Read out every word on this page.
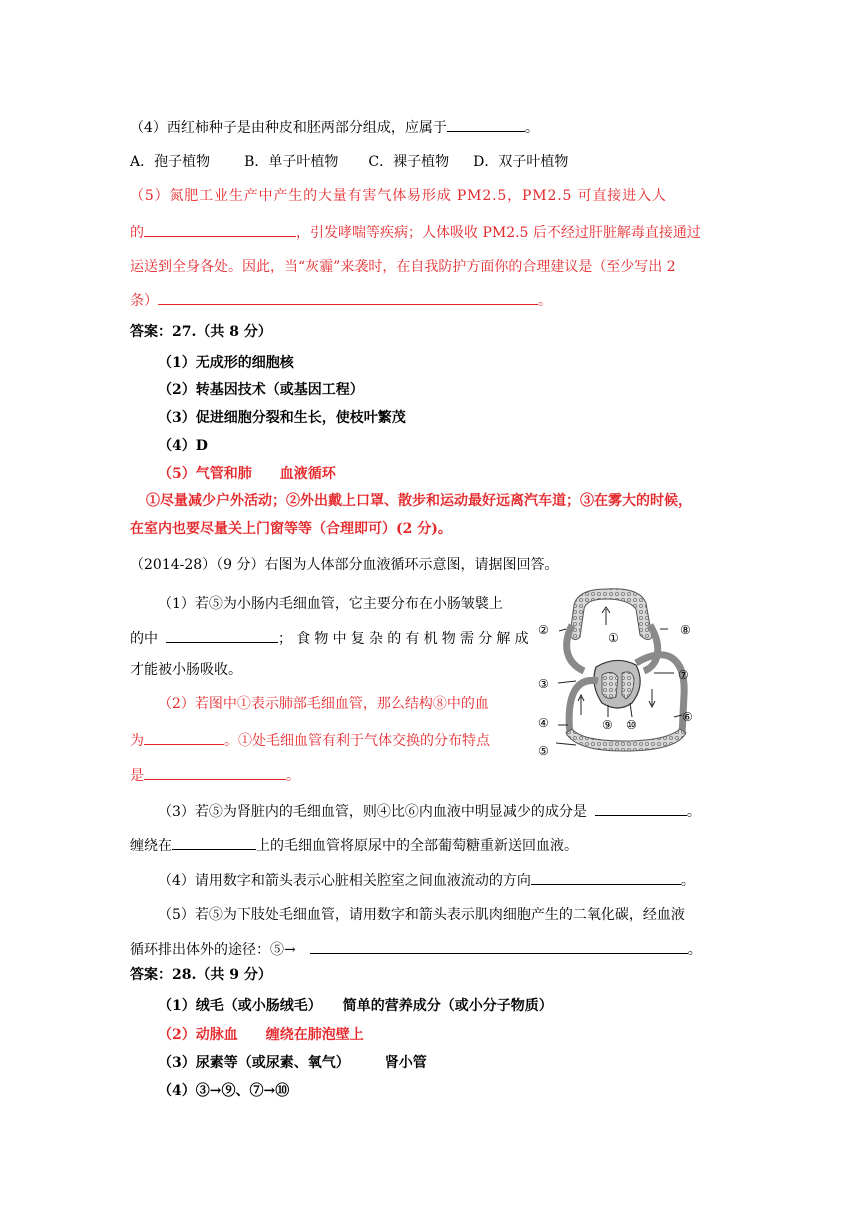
（4）西红柿种子是由种皮和胚两部分组成，应属于	。
A．孢子植物 B．单子叶植物 C．裸子植物 D．双子叶植物
（5）氮肥工业生产中产生的大量有害气体易形成 PM2.5，PM2.5 可直接进入人
的	，引发哮喘等疾病；人体吸收 PM2.5 后不经过肝脏解毒直接通过
运送到全身各处。因此，当“灰霾”来袭时，在自我防护方面你的合理建议是（至少写出 2
条）	。
答案：27.（共 8 分）
（1）无成形的细胞核
（2）转基因技术（或基因工程）
（3）促进细胞分裂和生长，使枝叶繁茂
（4）D
（5）气管和肺　　血液循环
①尽量减少户外活动；②外出戴上口罩、散步和运动最好远离汽车道；③在雾大的时候，
在室内也要尽量关上门窗等等（合理即可）(2 分)。
（2014-28）（9 分）右图为人体部分血液循环示意图，请据图回答。
（1）若⑤为小肠内毛细血管，它主要分布在小肠皱襞上
的中	；食物中复杂的有机物需分解成
才能被小肠吸收。
（2）若图中①表示肺部毛细血管，那么结构⑧中的血
为	。①处毛细血管有利于气体交换的分布特点
是	。
①
②
③
④
⑤
⑥
⑦
⑧
⑨ ⑩
（3）若⑤为肾脏内的毛细血管，则④比⑥内血液中明显减少的成分是	。
缠绕在	上的毛细血管将原尿中的全部葡萄糖重新送回血液。
（4）请用数字和箭头表示心脏相关腔室之间血液流动的方向	。
（5）若⑤为下肢处毛细血管，请用数字和箭头表示肌肉细胞产生的二氧化碳，经血液
循环排出体外的途径：⑤→	。
答案：28.（共 9 分）
（1）绒毛（或小肠绒毛）　　简单的营养成分（或小分子物质）
（2）动脉血　　缠绕在肺泡壁上
（3）尿素等（或尿素、氧气）　　　肾小管
（4）③→⑨、⑦→⑩
